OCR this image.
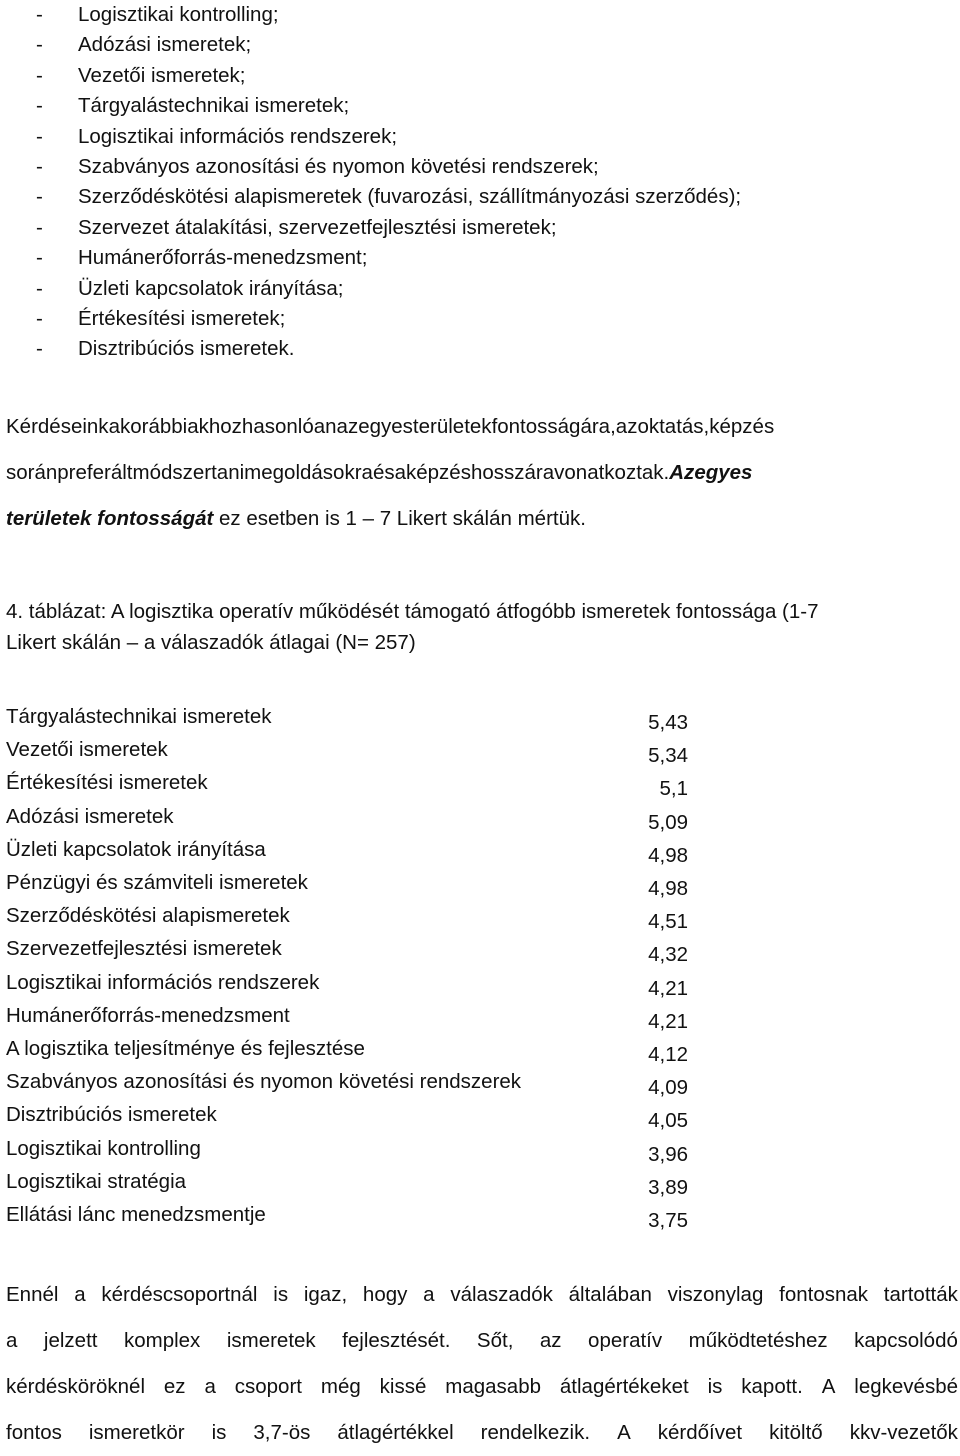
- Logisztikai kontrolling;
- Adózási ismeretek;
- Vezetői ismeretek;
- Tárgyalástechnikai ismeretek;
- Logisztikai információs rendszerek;
- Szabványos azonosítási és nyomon követési rendszerek;
- Szerződéskötési alapismeretek (fuvarozási, szállítmányozási szerződés);
- Szervezet átalakítási, szervezetfejlesztési ismeretek;
- Humánerőforrás-menedzsment;
- Üzleti kapcsolatok irányítása;
- Értékesítési ismeretek;
- Disztribúciós ismeretek.
Kérdéseinkakorábbiakhozhasonlóanazegyesterületekfontosságára,azoktatás,képzés
soránpreferáltmódszertanimegoldásokraésaképzéshosszáravonatkoztak.Azegyes
területek fontosságát ez esetben is 1 – 7 Likert skálán mértük.
4. táblázat: A logisztika operatív működését támogató átfogóbb ismeretek fontossága (1-7
Likert skálán – a válaszadók átlagai (N= 257)
Tárgyalástechnikai ismeretek	5,43
Vezetői ismeretek	5,34
Értékesítési ismeretek	5,1
Adózási ismeretek	5,09
Üzleti kapcsolatok irányítása	4,98
Pénzügyi és számviteli ismeretek	4,98
Szerződéskötési alapismeretek	4,51
Szervezetfejlesztési ismeretek	4,32
Logisztikai információs rendszerek	4,21
Humánerőforrás-menedzsment	4,21
A logisztika teljesítménye és fejlesztése	4,12
Szabványos azonosítási és nyomon követési rendszerek	4,09
Disztribúciós ismeretek	4,05
Logisztikai kontrolling	3,96
Logisztikai stratégia	3,89
Ellátási lánc menedzsmentje	3,75
Ennél a kérdéscsoportnál is igaz, hogy a válaszadók általában viszonylag fontosnak tartották
a jelzett komplex ismeretek fejlesztését. Sőt, az operatív működtetéshez kapcsolódó
kérdésköröknél ez a csoport még kissé magasabb átlagértékeket is kapott. A legkevésbé
fontos ismeretkör is 3,7-ös átlagértékkel rendelkezik. A kérdőívet kitöltő kkv-vezetők
